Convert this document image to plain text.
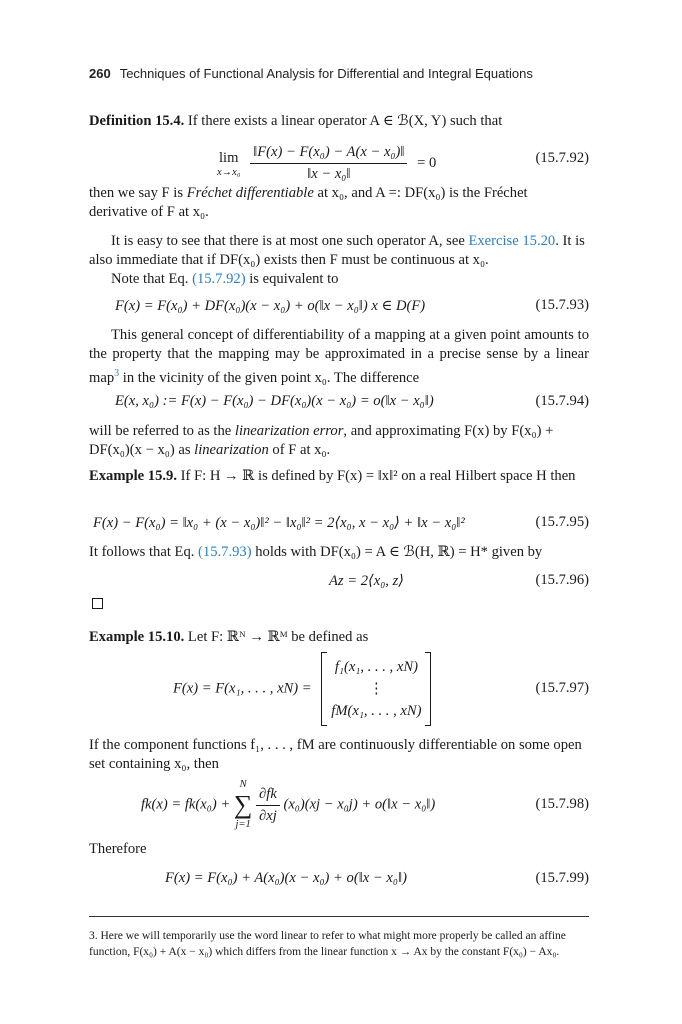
260 Techniques of Functional Analysis for Differential and Integral Equations
Definition 15.4. If there exists a linear operator A ∈ ℬ(X, Y) such that
lim
x→x₀
$\frac{\text{‖F(x) − F(x₀) − A(x − x₀)‖}}{\text{‖x − x₀‖}} = 0$	(15.7.92)
then we say F is Fréchet differentiable at x₀, and A =: DF(x₀) is the Fréchet derivative of F at x₀.
It is easy to see that there is at most one such operator A, see Exercise 15.20. It is also immediate that if DF(x₀) exists then F must be continuous at x₀.
Note that Eq. (15.7.92) is equivalent to
F(x) = F(x₀) + DF(x₀)(x − x₀) + o(‖x − x₀‖) x ∈ D(F)	(15.7.93)
This general concept of differentiability of a mapping at a given point amounts to the property that the mapping may be approximated in a precise sense by a linear map$^3$ in the vicinity of the given point x₀. The difference
E(x, x₀) := F(x) − F(x₀) − DF(x₀)(x − x₀) = o(‖x − x₀‖)	(15.7.94)
will be referred to as the linearization error, and approximating F(x) by F(x₀) + DF(x₀)(x − x₀) as linearization of F at x₀.
Example 15.9. If F: H → ℝ is defined by F(x) = ‖x‖² on a real Hilbert space H then
F(x) − F(x₀) = ‖x₀ + (x − x₀)‖² − ‖x₀‖² = 2⟨x₀, x − x₀⟩ + ‖x − x₀‖²	(15.7.95)
It follows that Eq. (15.7.93) holds with DF(x₀) = A ∈ ℬ(H, ℝ) = H* given by
Az = 2⟨x₀, z⟩	(15.7.96)
Example 15.10. Let F: ℝᴺ → ℝᴹ be defined as
F(x) = F(x₁, . . . , xN) =
f₁(x₁, . . . , xN)
⋮
fM(x₁, . . . , xN)
(15.7.97)
If the component functions f₁, . . . , fM are continuously differentiable on some open set containing x₀, then
fk(x) = fk(x₀) +
N
∑
j=1
$\frac{\partial fk}{\partial xj} (x_0)(xj - x_0j)$ + o(‖x − x₀‖)	(15.7.98)
Therefore
F(x) = F(x₀) + A(x₀)(x − x₀) + o(‖x − x₀‖)	(15.7.99)
3. Here we will temporarily use the word linear to refer to what might more properly be called an affine function, F(x₀) + A(x − x₀) which differs from the linear function x → Ax by the constant F(x₀) − Ax₀.
